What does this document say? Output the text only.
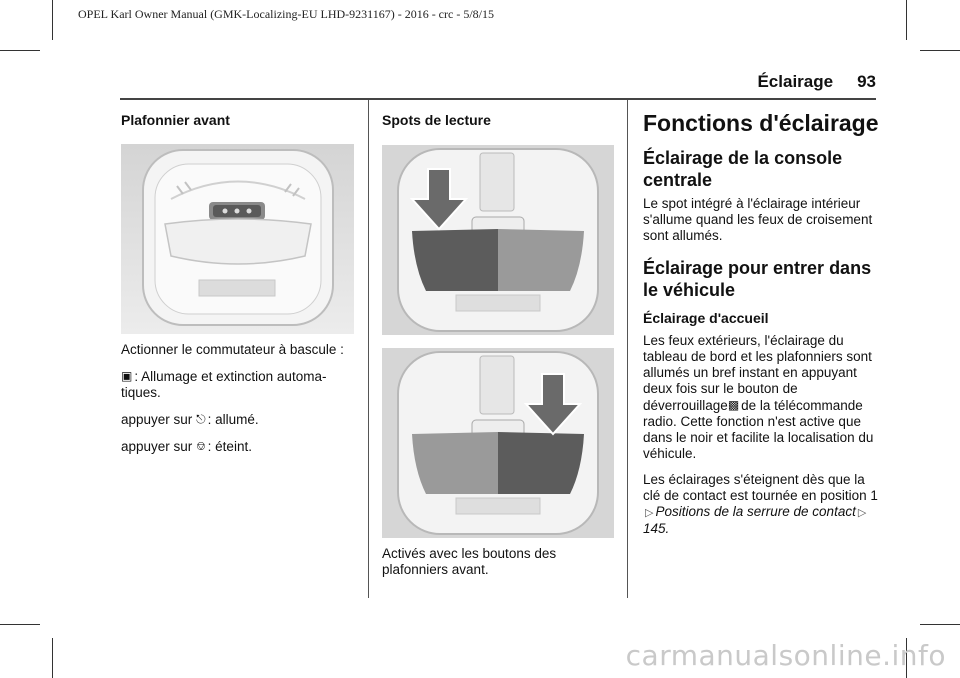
OPEL Karl Owner Manual (GMK-Localizing-EU LHD-9231167) - 2016 - crc - 5/8/15
Éclairage 93
Plafonnier avant

Actionner le commutateur à bascule :

▣ : Allumage et extinction automatiques.

appuyer sur ⎋ : allumé.

appuyer sur ⎊ : éteint.

Spots de lecture
Activés avec les boutons des plafonniers avant.
Fonctions d'éclairage
Éclairage de la console centrale
Le spot intégré à l'éclairage intérieur s'allume quand les feux de croisement sont allumés.
Éclairage pour entrer dans le véhicule
Éclairage d'accueil

Les feux extérieurs, l'éclairage du tableau de bord et les plafonniers sont allumés un bref instant en appuyant deux fois sur le bouton de déverrouillage▩ de la télécommande radio. Cette fonction n'est active que dans le noir et facilite la localisation du véhicule.

Les éclairages s'éteignent dès que la clé de contact est tournée en position 1▷ Positions de la serrure de contact ▷145.

carmanualsonline.info
